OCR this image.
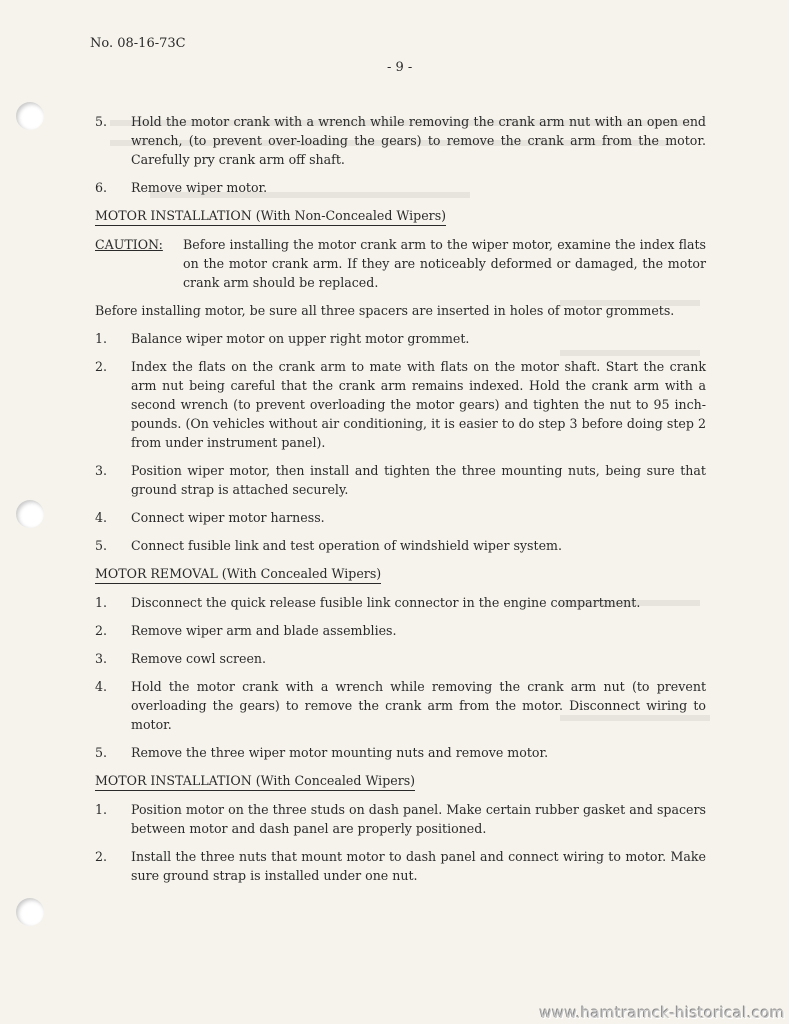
No. 08-16-73C
- 9 -
5.	Hold the motor crank with a wrench while removing the crank arm nut with an open end wrench, (to prevent over-loading the gears) to remove the crank arm from the motor. Carefully pry crank arm off shaft.
6.	Remove wiper motor.
MOTOR INSTALLATION (With Non-Concealed Wipers)
CAUTION:	Before installing the motor crank arm to the wiper motor, examine the index flats on the motor crank arm. If they are noticeably deformed or damaged, the motor crank arm should be replaced.
Before installing motor, be sure all three spacers are inserted in holes of motor grommets.
1.	Balance wiper motor on upper right motor grommet.
2.	Index the flats on the crank arm to mate with flats on the motor shaft. Start the crank arm nut being careful that the crank arm remains indexed. Hold the crank arm with a second wrench (to prevent overloading the motor gears) and tighten the nut to 95 inch-pounds. (On vehicles without air conditioning, it is easier to do step 3 before doing step 2 from under instrument panel).
3.	Position wiper motor, then install and tighten the three mounting nuts, being sure that ground strap is attached securely.
4.	Connect wiper motor harness.
5.	Connect fusible link and test operation of windshield wiper system.
MOTOR REMOVAL (With Concealed Wipers)
1.	Disconnect the quick release fusible link connector in the engine compartment.
2.	Remove wiper arm and blade assemblies.
3.	Remove cowl screen.
4.	Hold the motor crank with a wrench while removing the crank arm nut (to prevent overloading the gears) to remove the crank arm from the motor. Disconnect wiring to motor.
5.	Remove the three wiper motor mounting nuts and remove motor.
MOTOR INSTALLATION (With Concealed Wipers)
1.	Position motor on the three studs on dash panel. Make certain rubber gasket and spacers between motor and dash panel are properly positioned.
2.	Install the three nuts that mount motor to dash panel and connect wiring to motor. Make sure ground strap is installed under one nut.
www.hamtramck-historical.com
